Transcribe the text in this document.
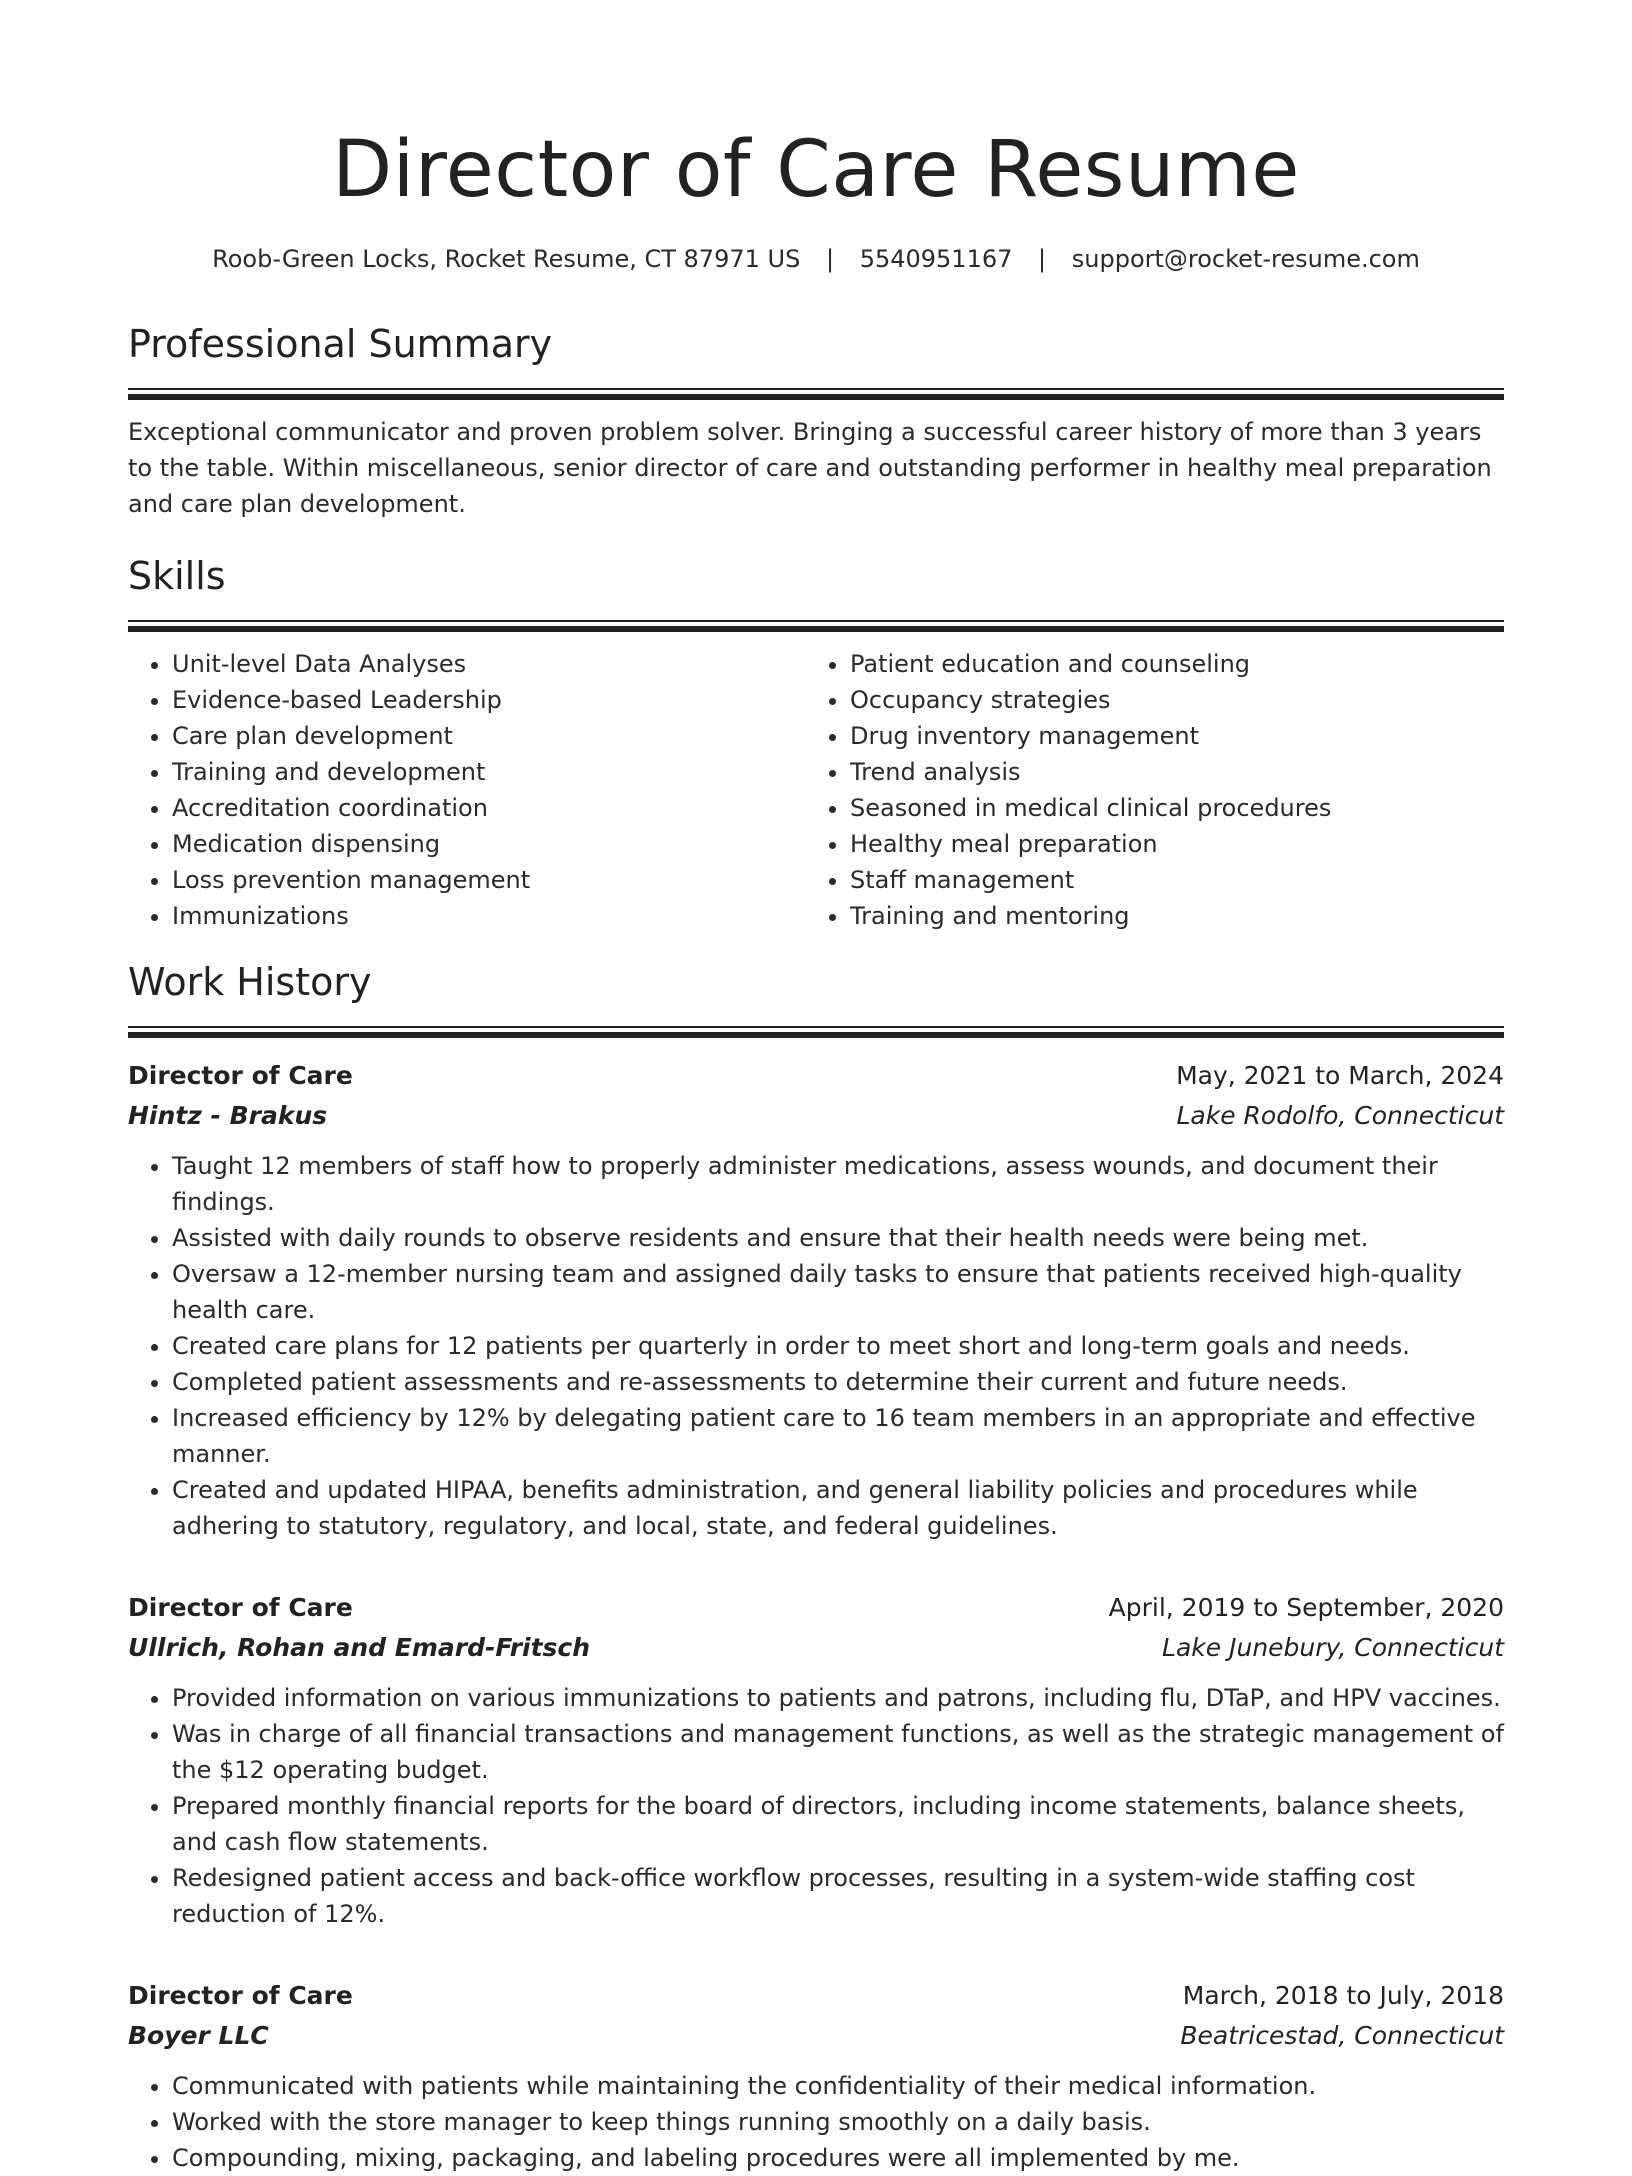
Director of Care Resume
Roob-Green Locks, Rocket Resume, CT 87971 US | 5540951167 | support@rocket-resume.com
Professional Summary

Exceptional communicator and proven problem solver. Bringing a successful career history of more than 3 years to the table. Within miscellaneous, senior director of care and outstanding performer in healthy meal preparation and care plan development.

Skills
• Unit-level Data Analyses
• Evidence-based Leadership
• Care plan development
• Training and development
• Accreditation coordination
• Medication dispensing
• Loss prevention management
• Immunizations
• Patient education and counseling
• Occupancy strategies
• Drug inventory management
• Trend analysis
• Seasoned in medical clinical procedures
• Healthy meal preparation
• Staff management
• Training and mentoring
Work History
Director of Care	May, 2021 to March, 2024
Hintz - Brakus	Lake Rodolfo, Connecticut
• Taught 12 members of staff how to properly administer medications, assess wounds, and document their findings.
• Assisted with daily rounds to observe residents and ensure that their health needs were being met.
• Oversaw a 12-member nursing team and assigned daily tasks to ensure that patients received high-quality health care.
• Created care plans for 12 patients per quarterly in order to meet short and long-term goals and needs.
• Completed patient assessments and re-assessments to determine their current and future needs.
• Increased efficiency by 12% by delegating patient care to 16 team members in an appropriate and effective manner.
• Created and updated HIPAA, benefits administration, and general liability policies and procedures while adhering to statutory, regulatory, and local, state, and federal guidelines.
Director of Care	April, 2019 to September, 2020
Ullrich, Rohan and Emard-Fritsch	Lake Junebury, Connecticut
• Provided information on various immunizations to patients and patrons, including flu, DTaP, and HPV vaccines.
• Was in charge of all financial transactions and management functions, as well as the strategic management of the $12 operating budget.
• Prepared monthly financial reports for the board of directors, including income statements, balance sheets, and cash flow statements.
• Redesigned patient access and back-office workflow processes, resulting in a system-wide staffing cost reduction of 12%.
Director of Care	March, 2018 to July, 2018
Boyer LLC	Beatricestad, Connecticut
• Communicated with patients while maintaining the confidentiality of their medical information.
• Worked with the store manager to keep things running smoothly on a daily basis.
• Compounding, mixing, packaging, and labeling procedures were all implemented by me.
